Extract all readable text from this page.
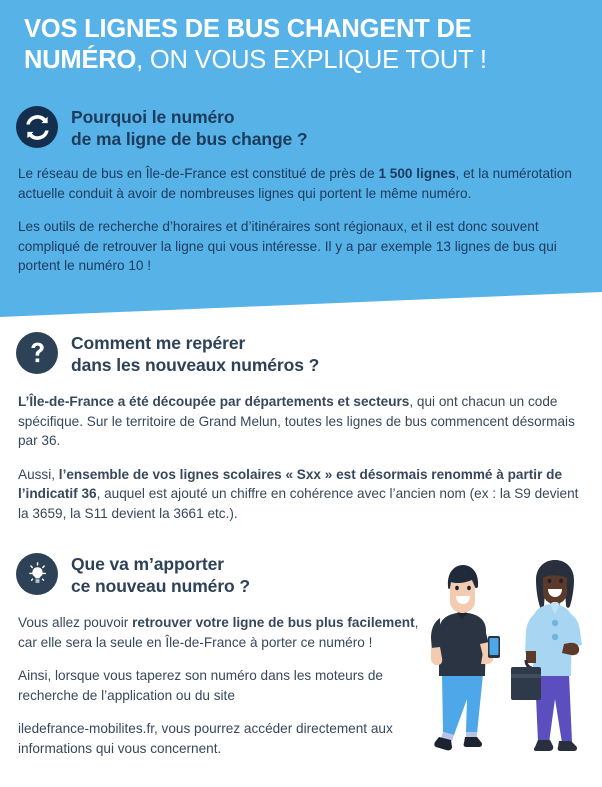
VOS LIGNES DE BUS CHANGENT DE NUMÉRO, ON VOUS EXPLIQUE TOUT !
Pourquoi le numéro
de ma ligne de bus change ?

Le réseau de bus en Île-de-France est constitué de près de 1 500 lignes, et la numérotation actuelle conduit à avoir de nombreuses lignes qui portent le même numéro.

Les outils de recherche d’horaires et d’itinéraires sont régionaux, et il est donc souvent compliqué de retrouver la ligne qui vous intéresse. Il y a par exemple 13 lignes de bus qui portent le numéro 10 !

Comment me repérer
dans les nouveaux numéros ?

L’Île-de-France a été découpée par départements et secteurs, qui ont chacun un code spécifique. Sur le territoire de Grand Melun, toutes les lignes de bus commencent désormais par 36.

Aussi, l’ensemble de vos lignes scolaires « Sxx » est désormais renommé à partir de l’indicatif 36, auquel est ajouté un chiffre en cohérence avec l’ancien nom (ex : la S9 devient la 3659, la S11 devient la 3661 etc.).

Que va m’apporter
ce nouveau numéro ?

Vous allez pouvoir retrouver votre ligne de bus plus facilement, car elle sera la seule en Île-de-France à porter ce numéro !

Ainsi, lorsque vous taperez son numéro dans les moteurs de recherche de l’application ou du site

iledefrance-mobilites.fr, vous pourrez accéder directement aux informations qui vous concernent.
